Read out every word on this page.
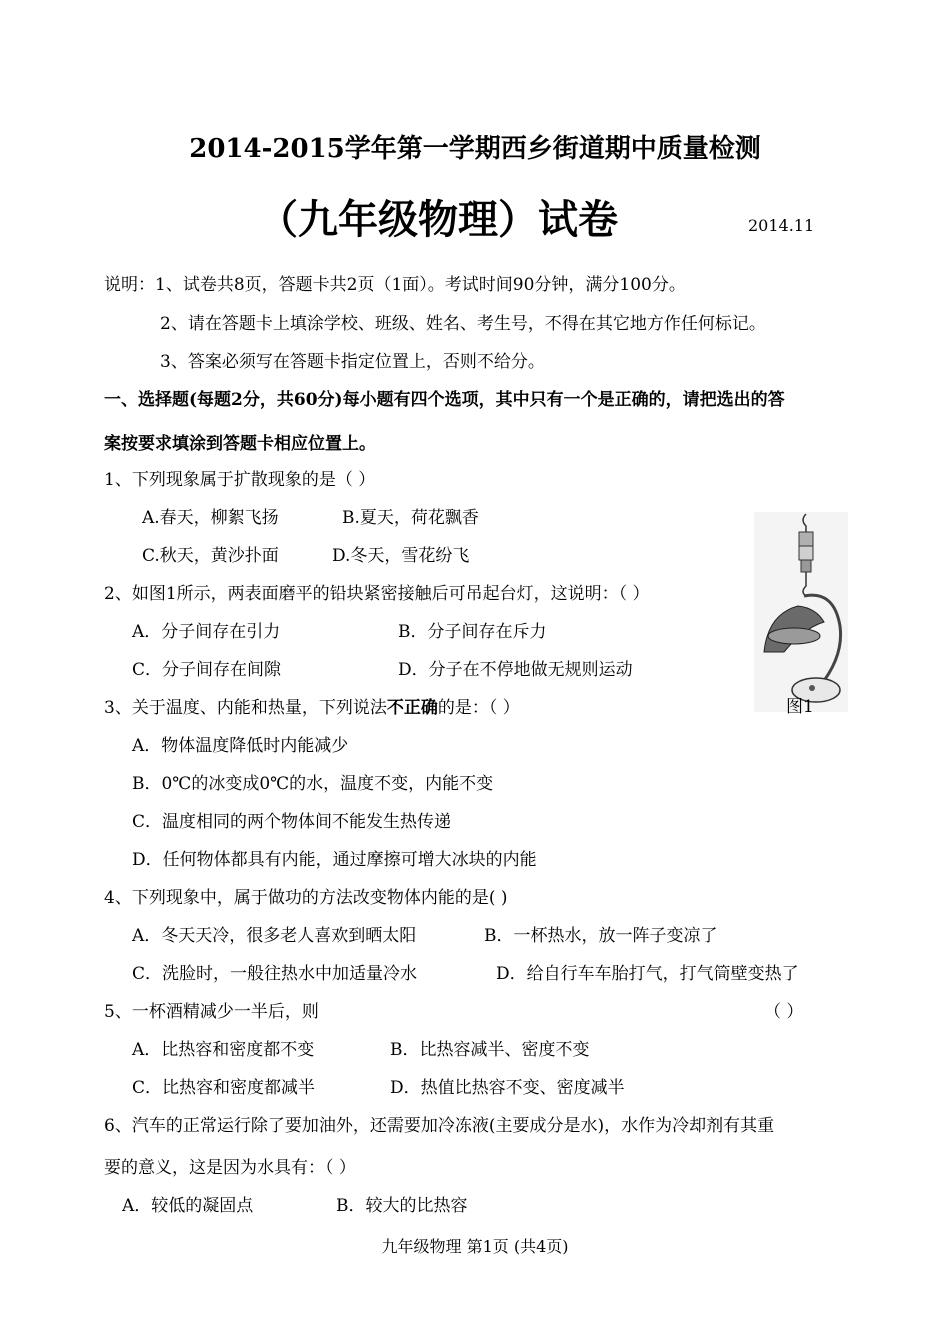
2014-2015学年第一学期西乡街道期中质量检测
（九年级物理）试卷	2014.11
说明：1、试卷共8页，答题卡共2页（1面）。考试时间90分钟，满分100分。
2、请在答题卡上填涂学校、班级、姓名、考生号，不得在其它地方作任何标记。
3、答案必须写在答题卡指定位置上，否则不给分。
一、选择题(每题2分，共60分)每小题有四个选项，其中只有一个是正确的，请把选出的答
案按要求填涂到答题卡相应位置上。
1、下列现象属于扩散现象的是（ ）
A.春天，柳絮飞扬	B.夏天，荷花飘香
C.秋天，黄沙扑面	D.冬天，雪花纷飞
2、如图1所示，两表面磨平的铅块紧密接触后可吊起台灯，这说明：（ ）
A．分子间存在引力	B．分子间存在斥力
C．分子间存在间隙	D．分子在不停地做无规则运动
3、关于温度、内能和热量，下列说法不正确的是：（ ）
A．物体温度降低时内能减少
B．0℃的冰变成0℃的水，温度不变，内能不变
C．温度相同的两个物体间不能发生热传递
D．任何物体都具有内能，通过摩擦可增大冰块的内能
4、下列现象中，属于做功的方法改变物体内能的是( )
A．冬天天冷，很多老人喜欢到晒太阳	B．一杯热水，放一阵子变凉了
C．洗脸时，一般往热水中加适量冷水	D．给自行车车胎打气，打气筒壁变热了
5、一杯酒精减少一半后，则	（ ）
A．比热容和密度都不变	B．比热容减半、密度不变
C．比热容和密度都减半	D．热值比热容不变、密度减半
6、汽车的正常运行除了要加油外，还需要加冷冻液(主要成分是水)，水作为冷却剂有其重
要的意义，这是因为水具有：（ ）
A．较低的凝固点	B．较大的比热容
图1
九年级物理 第1页 (共4页)
